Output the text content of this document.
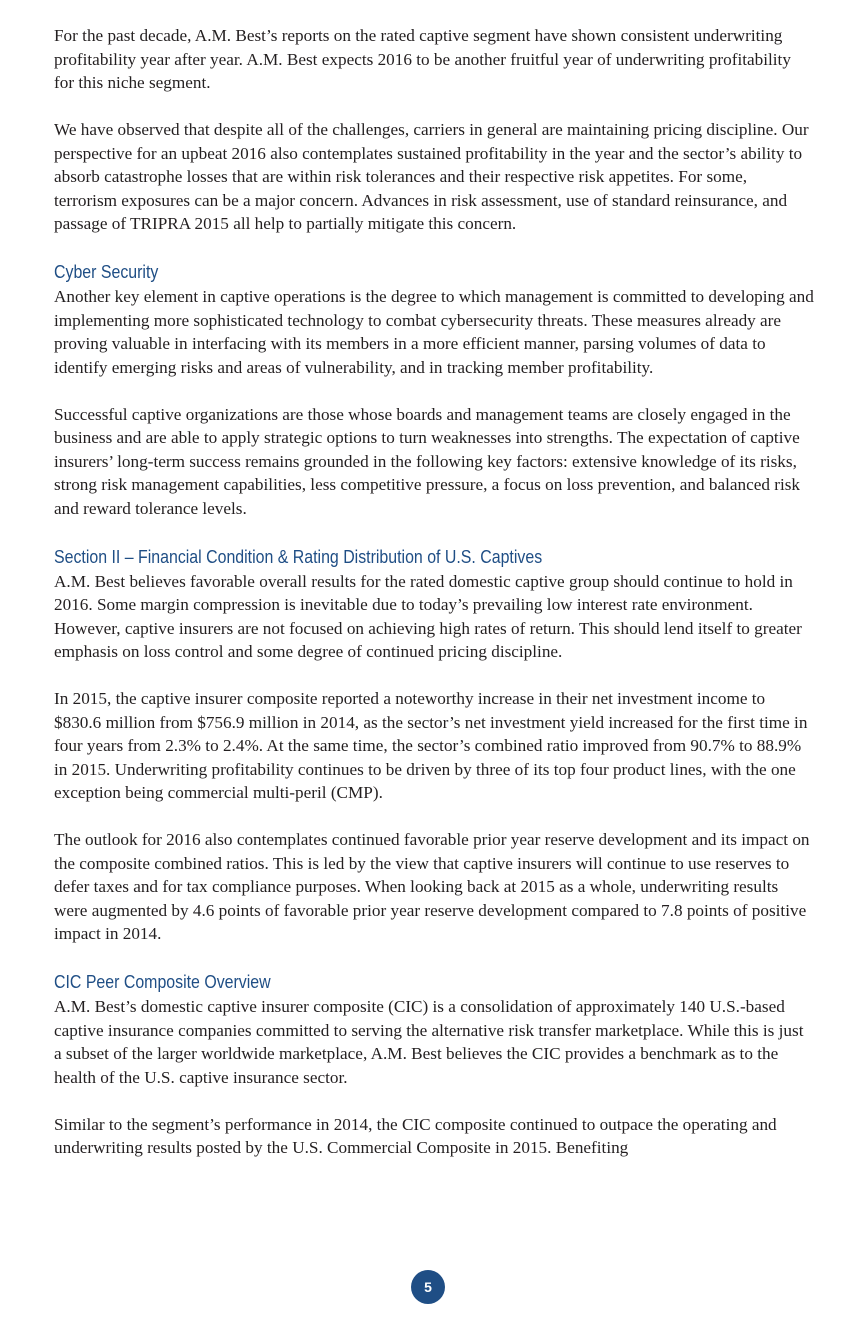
For the past decade, A.M. Best’s reports on the rated captive segment have shown consistent underwriting profitability year after year. A.M. Best expects 2016 to be another fruitful year of underwriting profitability for this niche segment.

We have observed that despite all of the challenges, carriers in general are maintaining pricing discipline. Our perspective for an upbeat 2016 also contemplates sustained profitability in the year and the sector’s ability to absorb catastrophe losses that are within risk tolerances and their respective risk appetites. For some, terrorism exposures can be a major concern. Advances in risk assessment, use of standard reinsurance, and passage of TRIPRA 2015 all help to partially mitigate this concern.

Cyber Security

Another key element in captive operations is the degree to which management is committed to developing and implementing more sophisticated technology to combat cybersecurity threats. These measures already are proving valuable in interfacing with its members in a more efficient manner, parsing volumes of data to identify emerging risks and areas of vulnerability, and in tracking member profitability.

Successful captive organizations are those whose boards and management teams are closely engaged in the business and are able to apply strategic options to turn weaknesses into strengths. The expectation of captive insurers’ long-term success remains grounded in the following key factors: extensive knowledge of its risks, strong risk management capabilities, less competitive pressure, a focus on loss prevention, and balanced risk and reward tolerance levels.

Section II – Financial Condition & Rating Distribution of U.S. Captives

A.M. Best believes favorable overall results for the rated domestic captive group should continue to hold in 2016. Some margin compression is inevitable due to today’s prevailing low interest rate environment. However, captive insurers are not focused on achieving high rates of return. This should lend itself to greater emphasis on loss control and some degree of continued pricing discipline.

In 2015, the captive insurer composite reported a noteworthy increase in their net investment income to $830.6 million from $756.9 million in 2014, as the sector’s net investment yield increased for the first time in four years from 2.3% to 2.4%. At the same time, the sector’s combined ratio improved from 90.7% to 88.9% in 2015. Underwriting profitability continues to be driven by three of its top four product lines, with the one exception being commercial multi-peril (CMP).

The outlook for 2016 also contemplates continued favorable prior year reserve development and its impact on the composite combined ratios. This is led by the view that captive insurers will continue to use reserves to defer taxes and for tax compliance purposes. When looking back at 2015 as a whole, underwriting results were augmented by 4.6 points of favorable prior year reserve development compared to 7.8 points of positive impact in 2014.

CIC Peer Composite Overview

A.M. Best’s domestic captive insurer composite (CIC) is a consolidation of approximately 140 U.S.-based captive insurance companies committed to serving the alternative risk transfer marketplace. While this is just a subset of the larger worldwide marketplace, A.M. Best believes the CIC provides a benchmark as to the health of the U.S. captive insurance sector.

Similar to the segment’s performance in 2014, the CIC composite continued to outpace the operating and underwriting results posted by the U.S. Commercial Composite in 2015. Benefiting

5
